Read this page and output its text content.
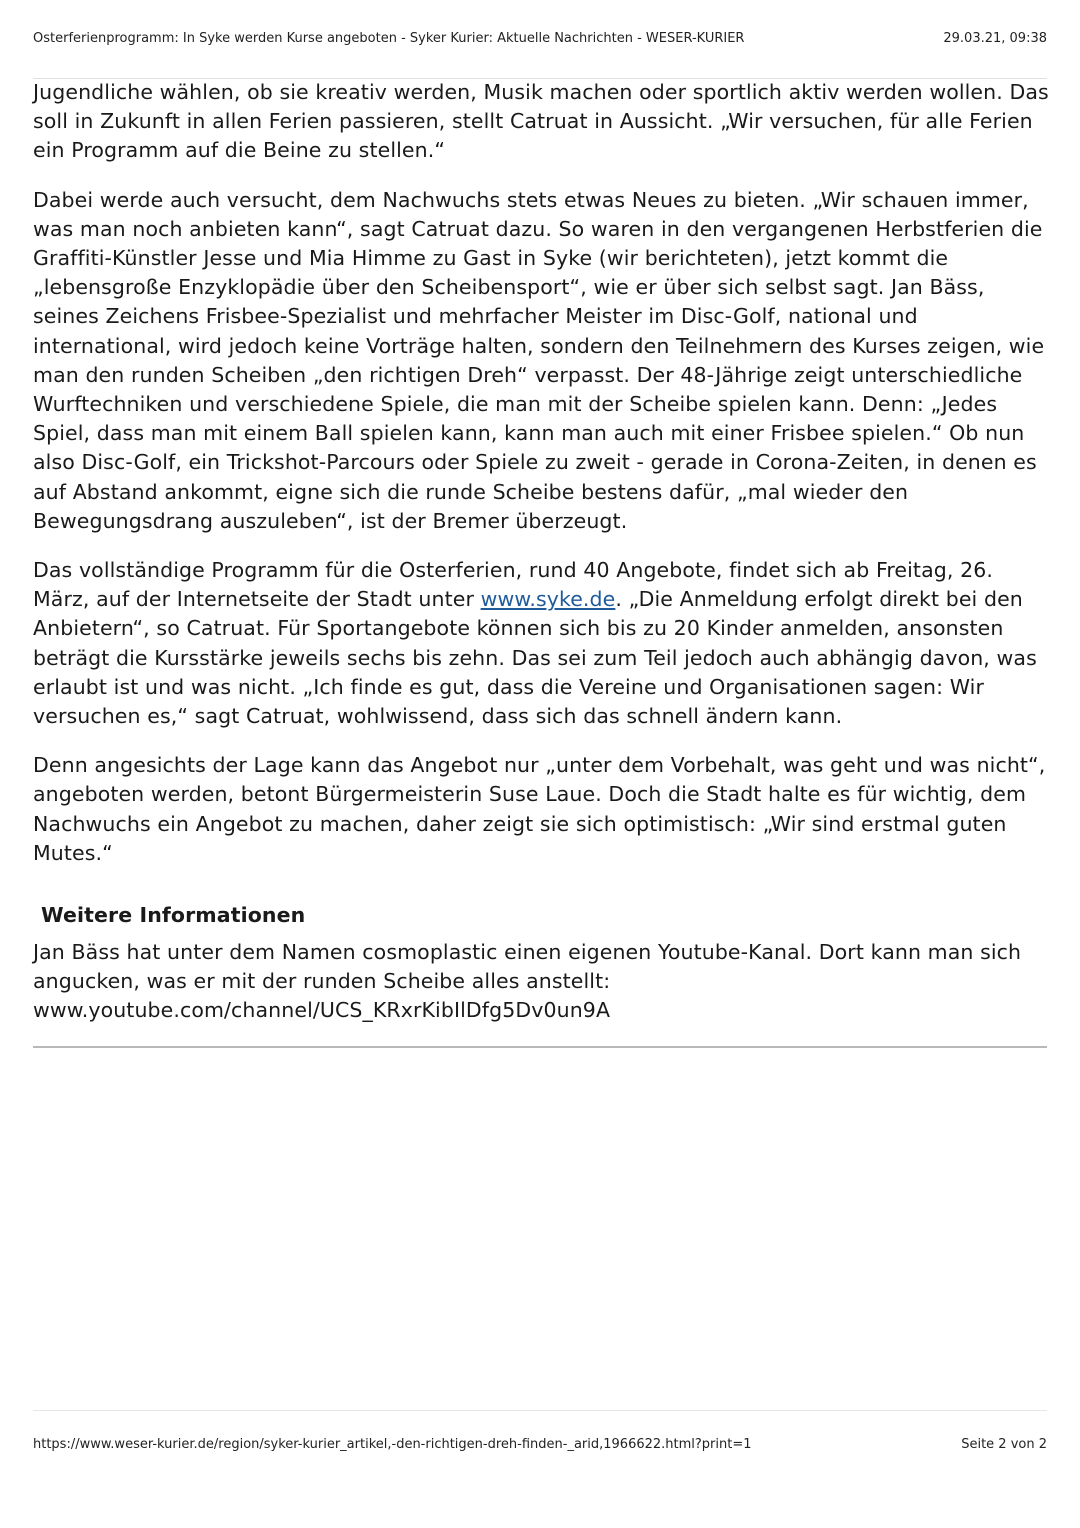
Osterferienprogramm: In Syke werden Kurse angeboten - Syker Kurier: Aktuelle Nachrichten - WESER-KURIER	29.03.21, 09:38

Jugendliche wählen, ob sie kreativ werden, Musik machen oder sportlich aktiv werden wollen. Das soll in Zukunft in allen Ferien passieren, stellt Catruat in Aussicht. „Wir versuchen, für alle Ferien ein Programm auf die Beine zu stellen.“

Dabei werde auch versucht, dem Nachwuchs stets etwas Neues zu bieten. „Wir schauen immer, was man noch anbieten kann“, sagt Catruat dazu. So waren in den vergangenen Herbstferien die Graffiti-Künstler Jesse und Mia Himme zu Gast in Syke (wir berichteten), jetzt kommt die „lebensgroße Enzyklopädie über den Scheibensport“, wie er über sich selbst sagt. Jan Bäss, seines Zeichens Frisbee-Spezialist und mehrfacher Meister im Disc-Golf, national und international, wird jedoch keine Vorträge halten, sondern den Teilnehmern des Kurses zeigen, wie man den runden Scheiben „den richtigen Dreh“ verpasst. Der 48-Jährige zeigt unterschiedliche Wurftechniken und verschiedene Spiele, die man mit der Scheibe spielen kann. Denn: „Jedes Spiel, dass man mit einem Ball spielen kann, kann man auch mit einer Frisbee spielen.“ Ob nun also Disc-Golf, ein Trickshot-Parcours oder Spiele zu zweit - gerade in Corona-Zeiten, in denen es auf Abstand ankommt, eigne sich die runde Scheibe bestens dafür, „mal wieder den Bewegungsdrang auszuleben“, ist der Bremer überzeugt.

Das vollständige Programm für die Osterferien, rund 40 Angebote, findet sich ab Freitag, 26. März, auf der Internetseite der Stadt unter www.syke.de. „Die Anmeldung erfolgt direkt bei den Anbietern“, so Catruat. Für Sportangebote können sich bis zu 20 Kinder anmelden, ansonsten beträgt die Kursstärke jeweils sechs bis zehn. Das sei zum Teil jedoch auch abhängig davon, was erlaubt ist und was nicht. „Ich finde es gut, dass die Vereine und Organisationen sagen: Wir versuchen es,“ sagt Catruat, wohlwissend, dass sich das schnell ändern kann.

Denn angesichts der Lage kann das Angebot nur „unter dem Vorbehalt, was geht und was nicht“, angeboten werden, betont Bürgermeisterin Suse Laue. Doch die Stadt halte es für wichtig, dem Nachwuchs ein Angebot zu machen, daher zeigt sie sich optimistisch: „Wir sind erstmal guten Mutes.“

Weitere Informationen

Jan Bäss hat unter dem Namen cosmoplastic einen eigenen Youtube-Kanal. Dort kann man sich angucken, was er mit der runden Scheibe alles anstellt:
www.youtube.com/channel/UCS_KRxrKibIlDfg5Dv0un9A

https://www.weser-kurier.de/region/syker-kurier_artikel,-den-richtigen-dreh-finden-_arid,1966622.html?print=1	Seite 2 von 2
